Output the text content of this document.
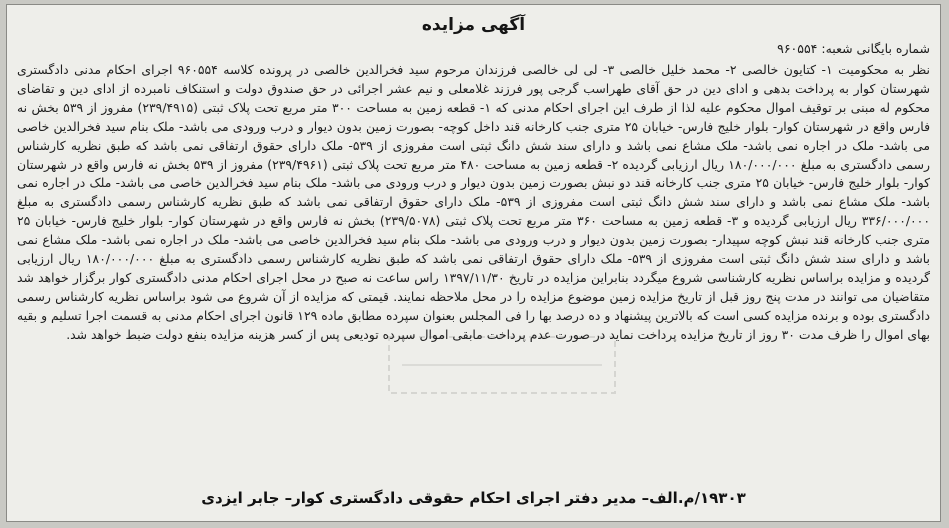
آگهی مزایده

شماره بایگانی شعبه: ۹۶۰۵۵۴

نظر به محکومیت ۱- کتایون خالصی ۲- محمد خلیل خالصی ۳- لی لی خالصی فرزندان مرحوم سید فخرالدین خالصی در پرونده کلاسه ۹۶۰۵۵۴ اجرای احکام مدنی دادگستری شهرستان کوار به پرداخت بدهی و ادای دین در حق آقای طهراسب گرجی پور فرزند غلامعلی و نیم عشر اجرائی در حق صندوق دولت و استنکاف نامبرده از ادای دین و تقاضای محکوم له مبنی بر توقیف اموال محکوم علیه لذا از طرف این اجرای احکام مدنی که ۱- قطعه زمین به مساحت ۳۰۰ متر مربع تحت پلاک ثبتی (۲۳۹/۴۹۱۵) مفروز از ۵۳۹ بخش نه فارس واقع در شهرستان کوار- بلوار خلیج فارس- خیابان ۲۵ متری جنب کارخانه قند داخل کوچه- بصورت زمین بدون دیوار و درب ورودی می باشد- ملک بنام سید فخرالدین خاصی می باشد- ملک در اجاره نمی باشد- ملک مشاع نمی باشد و دارای سند شش دانگ ثبتی است مفروزی از ۵۳۹- ملک دارای حقوق ارتفاقی نمی باشد که طبق نظریه کارشناس رسمی دادگستری به مبلغ ۱۸۰/۰۰۰/۰۰۰ ریال ارزیابی گردیده ۲- قطعه زمین به مساحت ۴۸۰ متر مربع تحت پلاک ثبتی (۲۳۹/۴۹۶۱) مفروز از ۵۳۹ بخش نه فارس واقع در شهرستان کوار- بلوار خلیج فارس- خیابان ۲۵ متری جنب کارخانه قند دو نبش بصورت زمین بدون دیوار و درب ورودی می باشد- ملک بنام سید فخرالدین خاصی می باشد- ملک در اجاره نمی باشد- ملک مشاع نمی باشد و دارای سند شش دانگ ثبتی است مفروزی از ۵۳۹- ملک دارای حقوق ارتفاقی نمی باشد که طبق نظریه کارشناس رسمی دادگستری به مبلغ ۳۳۶/۰۰۰/۰۰۰ ریال ارزیابی گردیده و ۳- قطعه زمین به مساحت ۳۶۰ متر مربع تحت پلاک ثبتی (۲۳۹/۵۰۷۸) بخش نه فارس واقع در شهرستان کوار- بلوار خلیج فارس- خیابان ۲۵ متری جنب کارخانه قند نبش کوچه سپیدار- بصورت زمین بدون دیوار و درب ورودی می باشد- ملک بنام سید فخرالدین خاصی می باشد- ملک در اجاره نمی باشد- ملک مشاع نمی باشد و دارای سند شش دانگ ثبتی است مفروزی از ۵۳۹- ملک دارای حقوق ارتفاقی نمی باشد که طبق نظریه کارشناس رسمی دادگستری به مبلغ ۱۸۰/۰۰۰/۰۰۰ ریال ارزیابی گردیده و مزایده براساس نظریه کارشناسی شروع میگردد بنابراین مزایده در تاریخ ۱۳۹۷/۱۱/۳۰ راس ساعت نه صبح در محل اجرای احکام مدنی دادگستری کوار برگزار خواهد شد متقاضیان می توانند در مدت پنج روز قبل از تاریخ مزایده زمین موضوع مزایده را در محل ملاحظه نمایند. قیمتی که مزایده از آن شروع می شود براساس نظریه کارشناس رسمی دادگستری بوده و برنده مزایده کسی است که بالاترین پیشنهاد و ده درصد بها را فی المجلس بعنوان سپرده مطابق ماده ۱۲۹ قانون اجرای احکام مدنی به قسمت اجرا تسلیم و بقیه بهای اموال را ظرف مدت ۳۰ روز از تاریخ مزایده پرداخت نماید در صورت عدم پرداخت مابقی اموال سپرده تودیعی پس از کسر هزینه مزایده بنفع دولت ضبط خواهد شد.

۱۹۳۰۳/م.الف– مدیر دفتر اجرای احکام حقوقی دادگستری کوار– جابر ایزدی
